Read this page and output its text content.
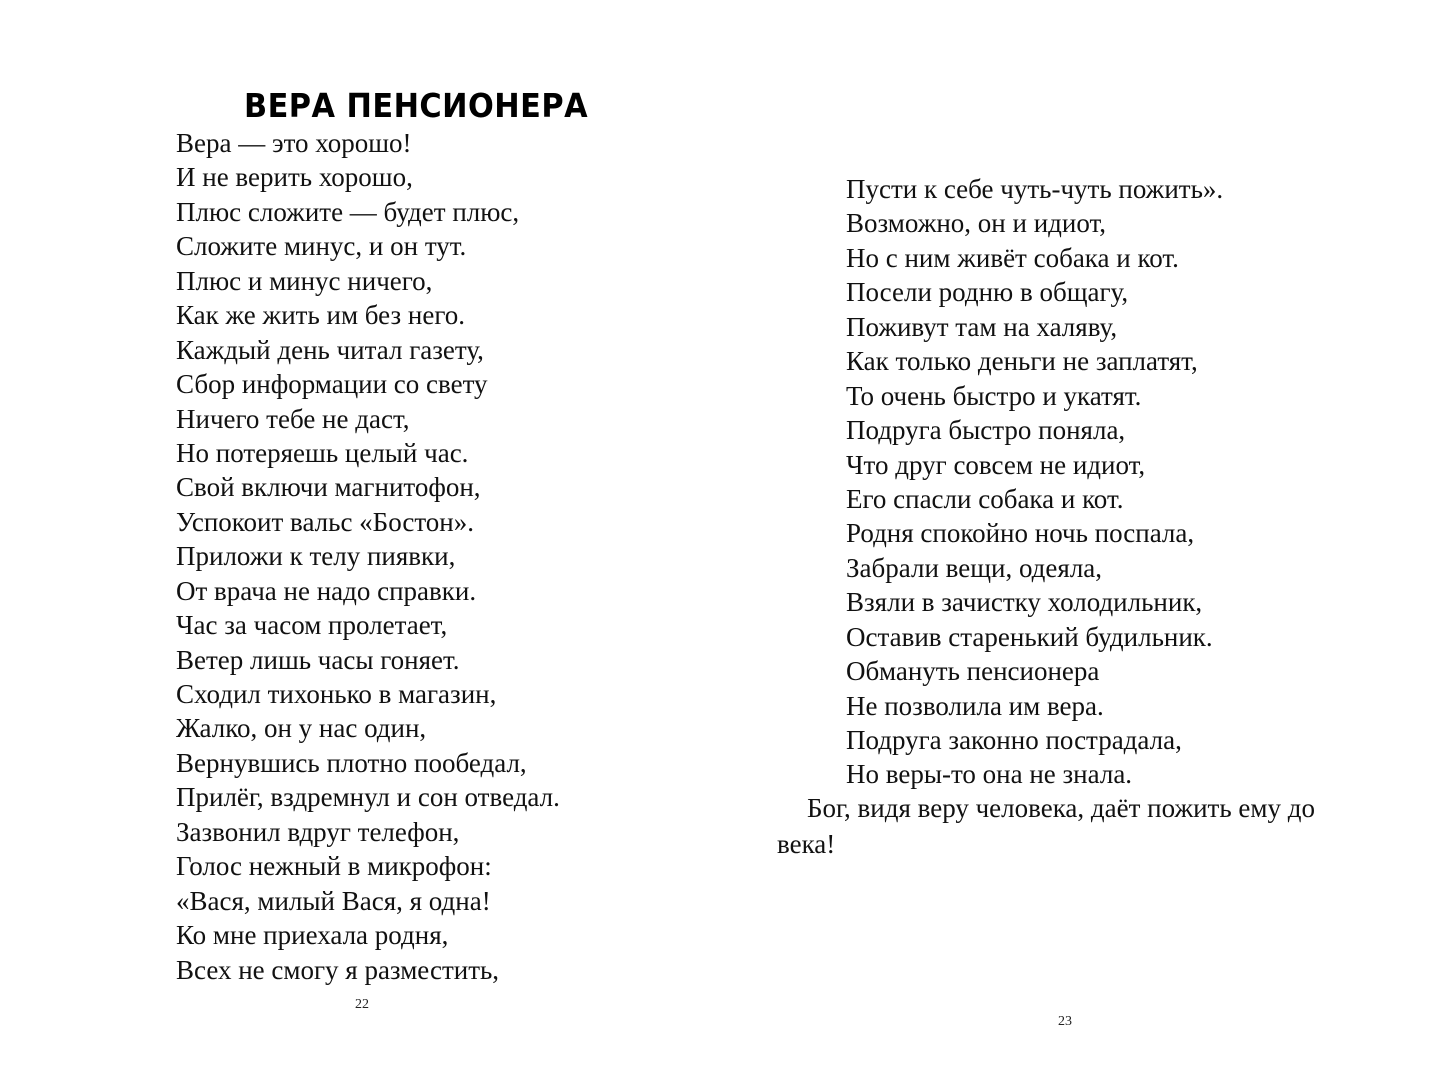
ВЕРА ПЕНСИОНЕРА
Вера — это хорошо!
И не верить хорошо,
Плюс сложите — будет плюс,
Сложите минус, и он тут.
Плюс и минус ничего,
Как же жить им без него.
Каждый день читал газету,
Сбор информации со свету
Ничего тебе не даст,
Но потеряешь целый час.
Свой включи магнитофон,
Успокоит вальс «Бостон».
Приложи к телу пиявки,
От врача не надо справки.
Час за часом пролетает,
Ветер лишь часы гоняет.
Сходил тихонько в магазин,
Жалко, он у нас один,
Вернувшись плотно пообедал,
Прилёг, вздремнул и сон отведал.
Зазвонил вдруг телефон,
Голос нежный в микрофон:
«Вася, милый Вася, я одна!
Ко мне приехала родня,
Всех не смогу я разместить,
22
Пусти к себе чуть-чуть пожить».
Возможно, он и идиот,
Но с ним живёт собака и кот.
Посели родню в общагу,
Поживут там на халяву,
Как только деньги не заплатят,
То очень быстро и укатят.
Подруга быстро поняла,
Что друг совсем не идиот,
Его спасли собака и кот.
Родня спокойно ночь поспала,
Забрали вещи, одеяла,
Взяли в зачистку холодильник,
Оставив старенький будильник.
Обмануть пенсионера
Не позволила им вера.
Подруга законно пострадала,
Но веры-то она не знала.

Бог, видя веру человека, даёт пожить ему до века!

23
